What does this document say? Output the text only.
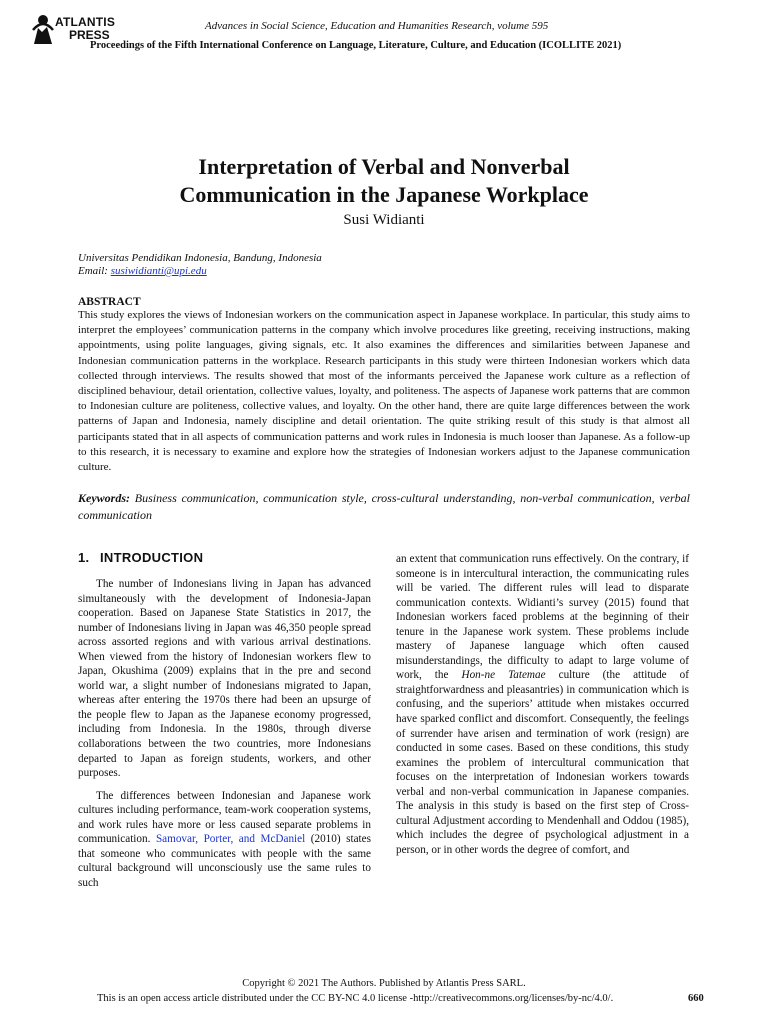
ATLANTIS
PRESS
Advances in Social Science, Education and Humanities Research, volume 595
Proceedings of the Fifth International Conference on Language, Literature, Culture, and Education (ICOLLITE 2021)
Interpretation of Verbal and Nonverbal
Communication in the Japanese Workplace
Susi Widianti
Universitas Pendidikan Indonesia, Bandung, Indonesia
Email: susiwidianti@upi.edu
ABSTRACT
This study explores the views of Indonesian workers on the communication aspect in Japanese workplace. In particular, this study aims to interpret the employees’ communication patterns in the company which involve procedures like greeting, receiving instructions, making appointments, using polite languages, giving signals, etc. It also examines the differences and similarities between Japanese and Indonesian communication patterns in the workplace. Research participants in this study were thirteen Indonesian workers which data collected through interviews. The results showed that most of the informants perceived the Japanese work culture as a reflection of disciplined behaviour, detail orientation, collective values, loyalty, and politeness. The aspects of Japanese work patterns that are common to Indonesian culture are politeness, collective values, and loyalty. On the other hand, there are quite large differences between the work patterns of Japan and Indonesia, namely discipline and detail orientation. The quite striking result of this study is that almost all participants stated that in all aspects of communication patterns and work rules in Indonesia is much looser than Japanese. As a follow-up to this research, it is necessary to examine and explore how the strategies of Indonesian workers adjust to the Japanese communication culture.
Keywords: Business communication, communication style, cross-cultural understanding, non-verbal communication, verbal communication
1. INTRODUCTION

The number of Indonesians living in Japan has advanced simultaneously with the development of Indonesia-Japan cooperation. Based on Japanese State Statistics in 2017, the number of Indonesians living in Japan was 46,350 people spread across assorted regions and with various arrival destinations. When viewed from the history of Indonesian workers flew to Japan, Okushima (2009) explains that in the pre and second world war, a slight number of Indonesians migrated to Japan, whereas after entering the 1970s there had been an upsurge of the people flew to Japan as the Japanese economy progressed, including from Indonesia. In the 1980s, through diverse collaborations between the two countries, more Indonesians departed to Japan as foreign students, workers, and other purposes.

The differences between Indonesian and Japanese work cultures including performance, team-work cooperation systems, and work rules have more or less caused separate problems in communication. Samovar, Porter, and McDaniel (2010) states that someone who communicates with people with the same cultural background will unconsciously use the same rules to such

an extent that communication runs effectively. On the contrary, if someone is in intercultural interaction, the communicating rules will be varied. The different rules will lead to disparate communication contexts. Widianti’s survey (2015) found that Indonesian workers faced problems at the beginning of their tenure in the Japanese work system. These problems include mastery of Japanese language which often caused misunderstandings, the difficulty to adapt to large volume of work, the Hon-ne Tatemae culture (the attitude of straightforwardness and pleasantries) in communication which is confusing, and the superiors’ attitude when mistakes occurred have sparked conflict and discomfort. Consequently, the feelings of surrender have arisen and termination of work (resign) are conducted in some cases. Based on these conditions, this study examines the problem of intercultural communication that focuses on the interpretation of Indonesian workers towards verbal and non-verbal communication in Japanese companies. The analysis in this study is based on the first step of Cross-cultural Adjustment according to Mendenhall and Oddou (1985), which includes the degree of psychological adjustment in a person, or in other words the degree of comfort, and

Copyright © 2021 The Authors. Published by Atlantis Press SARL.
This is an open access article distributed under the CC BY-NC 4.0 license -http://creativecommons.org/licenses/by-nc/4.0/.	660
